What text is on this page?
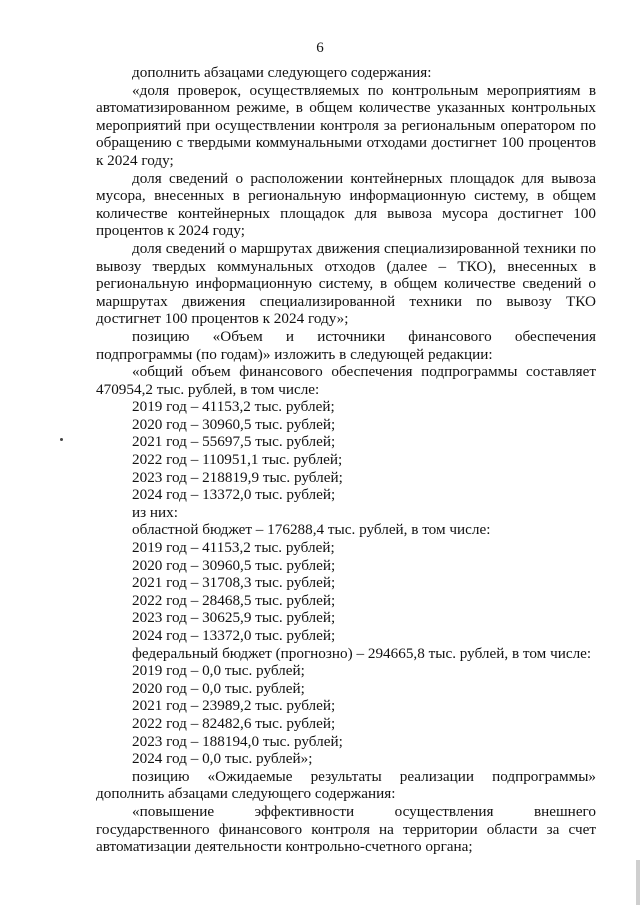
6

дополнить абзацами следующего содержания:

«доля проверок, осуществляемых по контрольным мероприятиям в автоматизированном режиме, в общем количестве указанных контрольных мероприятий при осуществлении контроля за региональным оператором по обращению с твердыми коммунальными отходами достигнет 100 процентов к 2024 году;

доля сведений о расположении контейнерных площадок для вывоза мусора, внесенных в региональную информационную систему, в общем количестве контейнерных площадок для вывоза мусора достигнет 100 процентов к 2024 году;

доля сведений о маршрутах движения специализированной техники по вывозу твердых коммунальных отходов (далее – ТКО), внесенных в региональную информационную систему, в общем количестве сведений о маршрутах движения специализированной техники по вывозу ТКО достигнет 100 процентов к 2024 году»;

позицию «Объем и источники финансового обеспечения подпрограммы (по годам)» изложить в следующей редакции:

«общий объем финансового обеспечения подпрограммы составляет 470954,2 тыс. рублей, в том числе:

2019 год – 41153,2 тыс. рублей;

2020 год – 30960,5 тыс. рублей;

2021 год – 55697,5 тыс. рублей;

2022 год – 110951,1 тыс. рублей;

2023 год – 218819,9 тыс. рублей;

2024 год – 13372,0 тыс. рублей;

из них:

областной бюджет – 176288,4 тыс. рублей, в том числе:

2019 год – 41153,2 тыс. рублей;

2020 год – 30960,5 тыс. рублей;

2021 год – 31708,3 тыс. рублей;

2022 год – 28468,5 тыс. рублей;

2023 год – 30625,9 тыс. рублей;

2024 год – 13372,0 тыс. рублей;

федеральный бюджет (прогнозно) – 294665,8 тыс. рублей, в том числе:

2019 год – 0,0 тыс. рублей;

2020 год – 0,0 тыс. рублей;

2021 год – 23989,2 тыс. рублей;

2022 год – 82482,6 тыс. рублей;

2023 год – 188194,0 тыс. рублей;

2024 год – 0,0 тыс. рублей»;

позицию «Ожидаемые результаты реализации подпрограммы» дополнить абзацами следующего содержания:

«повышение эффективности осуществления внешнего государственного финансового контроля на территории области за счет автоматизации деятельности контрольно-счетного органа;
